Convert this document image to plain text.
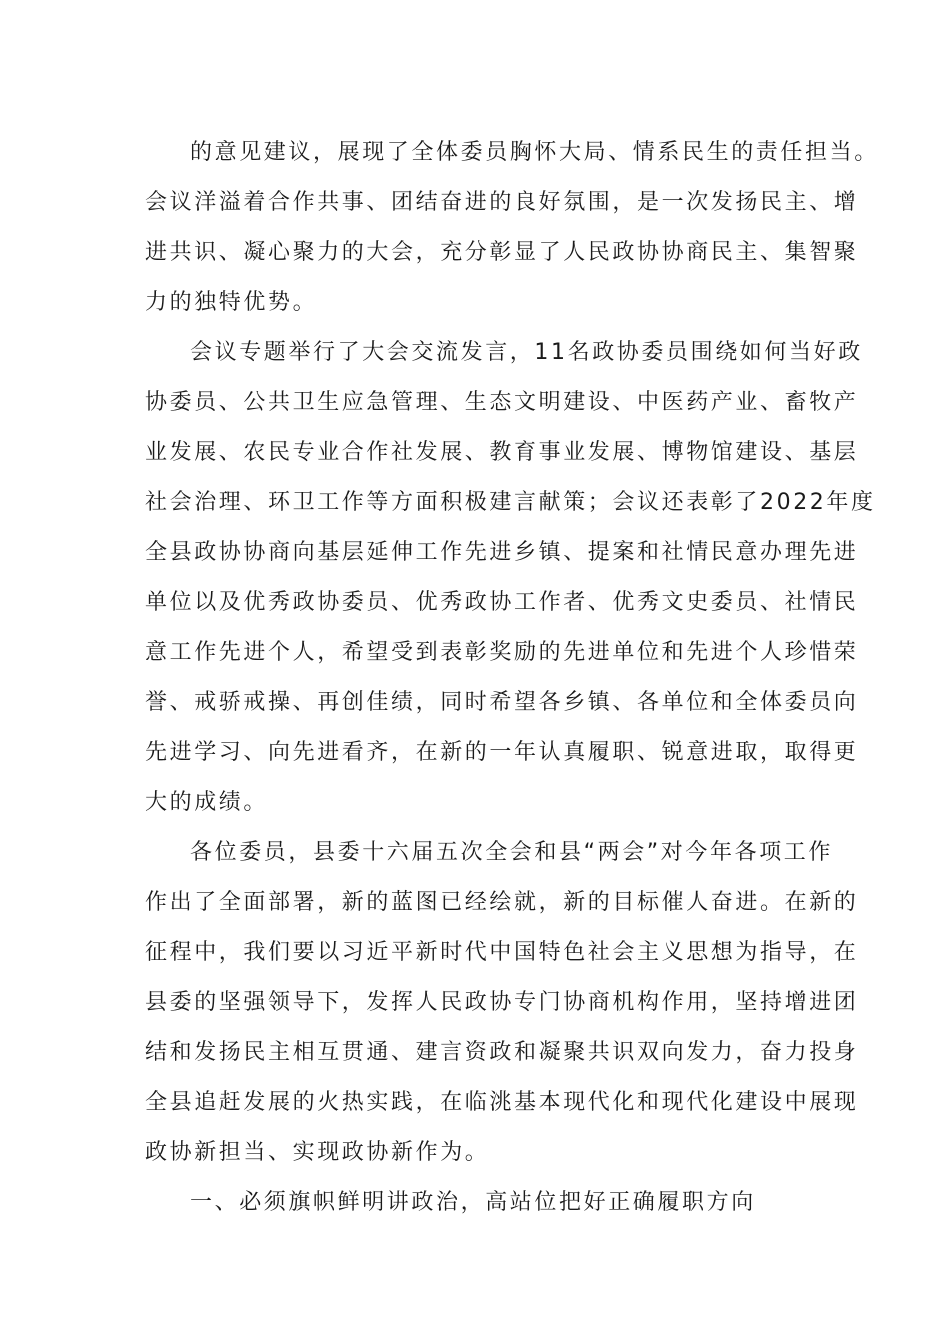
的意见建议，展现了全体委员胸怀大局、情系民生的责任担当。
会议洋溢着合作共事、团结奋进的良好氛围，是一次发扬民主、增
进共识、凝心聚力的大会，充分彰显了人民政协协商民主、集智聚
力的独特优势。
会议专题举行了大会交流发言，11名政协委员围绕如何当好政
协委员、公共卫生应急管理、生态文明建设、中医药产业、畜牧产
业发展、农民专业合作社发展、教育事业发展、博物馆建设、基层
社会治理、环卫工作等方面积极建言献策；会议还表彰了2022年度
全县政协协商向基层延伸工作先进乡镇、提案和社情民意办理先进
单位以及优秀政协委员、优秀政协工作者、优秀文史委员、社情民
意工作先进个人，希望受到表彰奖励的先进单位和先进个人珍惜荣
誉、戒骄戒操、再创佳绩，同时希望各乡镇、各单位和全体委员向
先进学习、向先进看齐，在新的一年认真履职、锐意进取，取得更
大的成绩。
各位委员，县委十六届五次全会和县“两会”对今年各项工作
作出了全面部署，新的蓝图已经绘就，新的目标催人奋进。在新的
征程中，我们要以习近平新时代中国特色社会主义思想为指导，在
县委的坚强领导下，发挥人民政协专门协商机构作用，坚持增进团
结和发扬民主相互贯通、建言资政和凝聚共识双向发力，奋力投身
全县追赶发展的火热实践，在临洮基本现代化和现代化建设中展现
政协新担当、实现政协新作为。
一、必须旗帜鲜明讲政治，高站位把好正确履职方向
